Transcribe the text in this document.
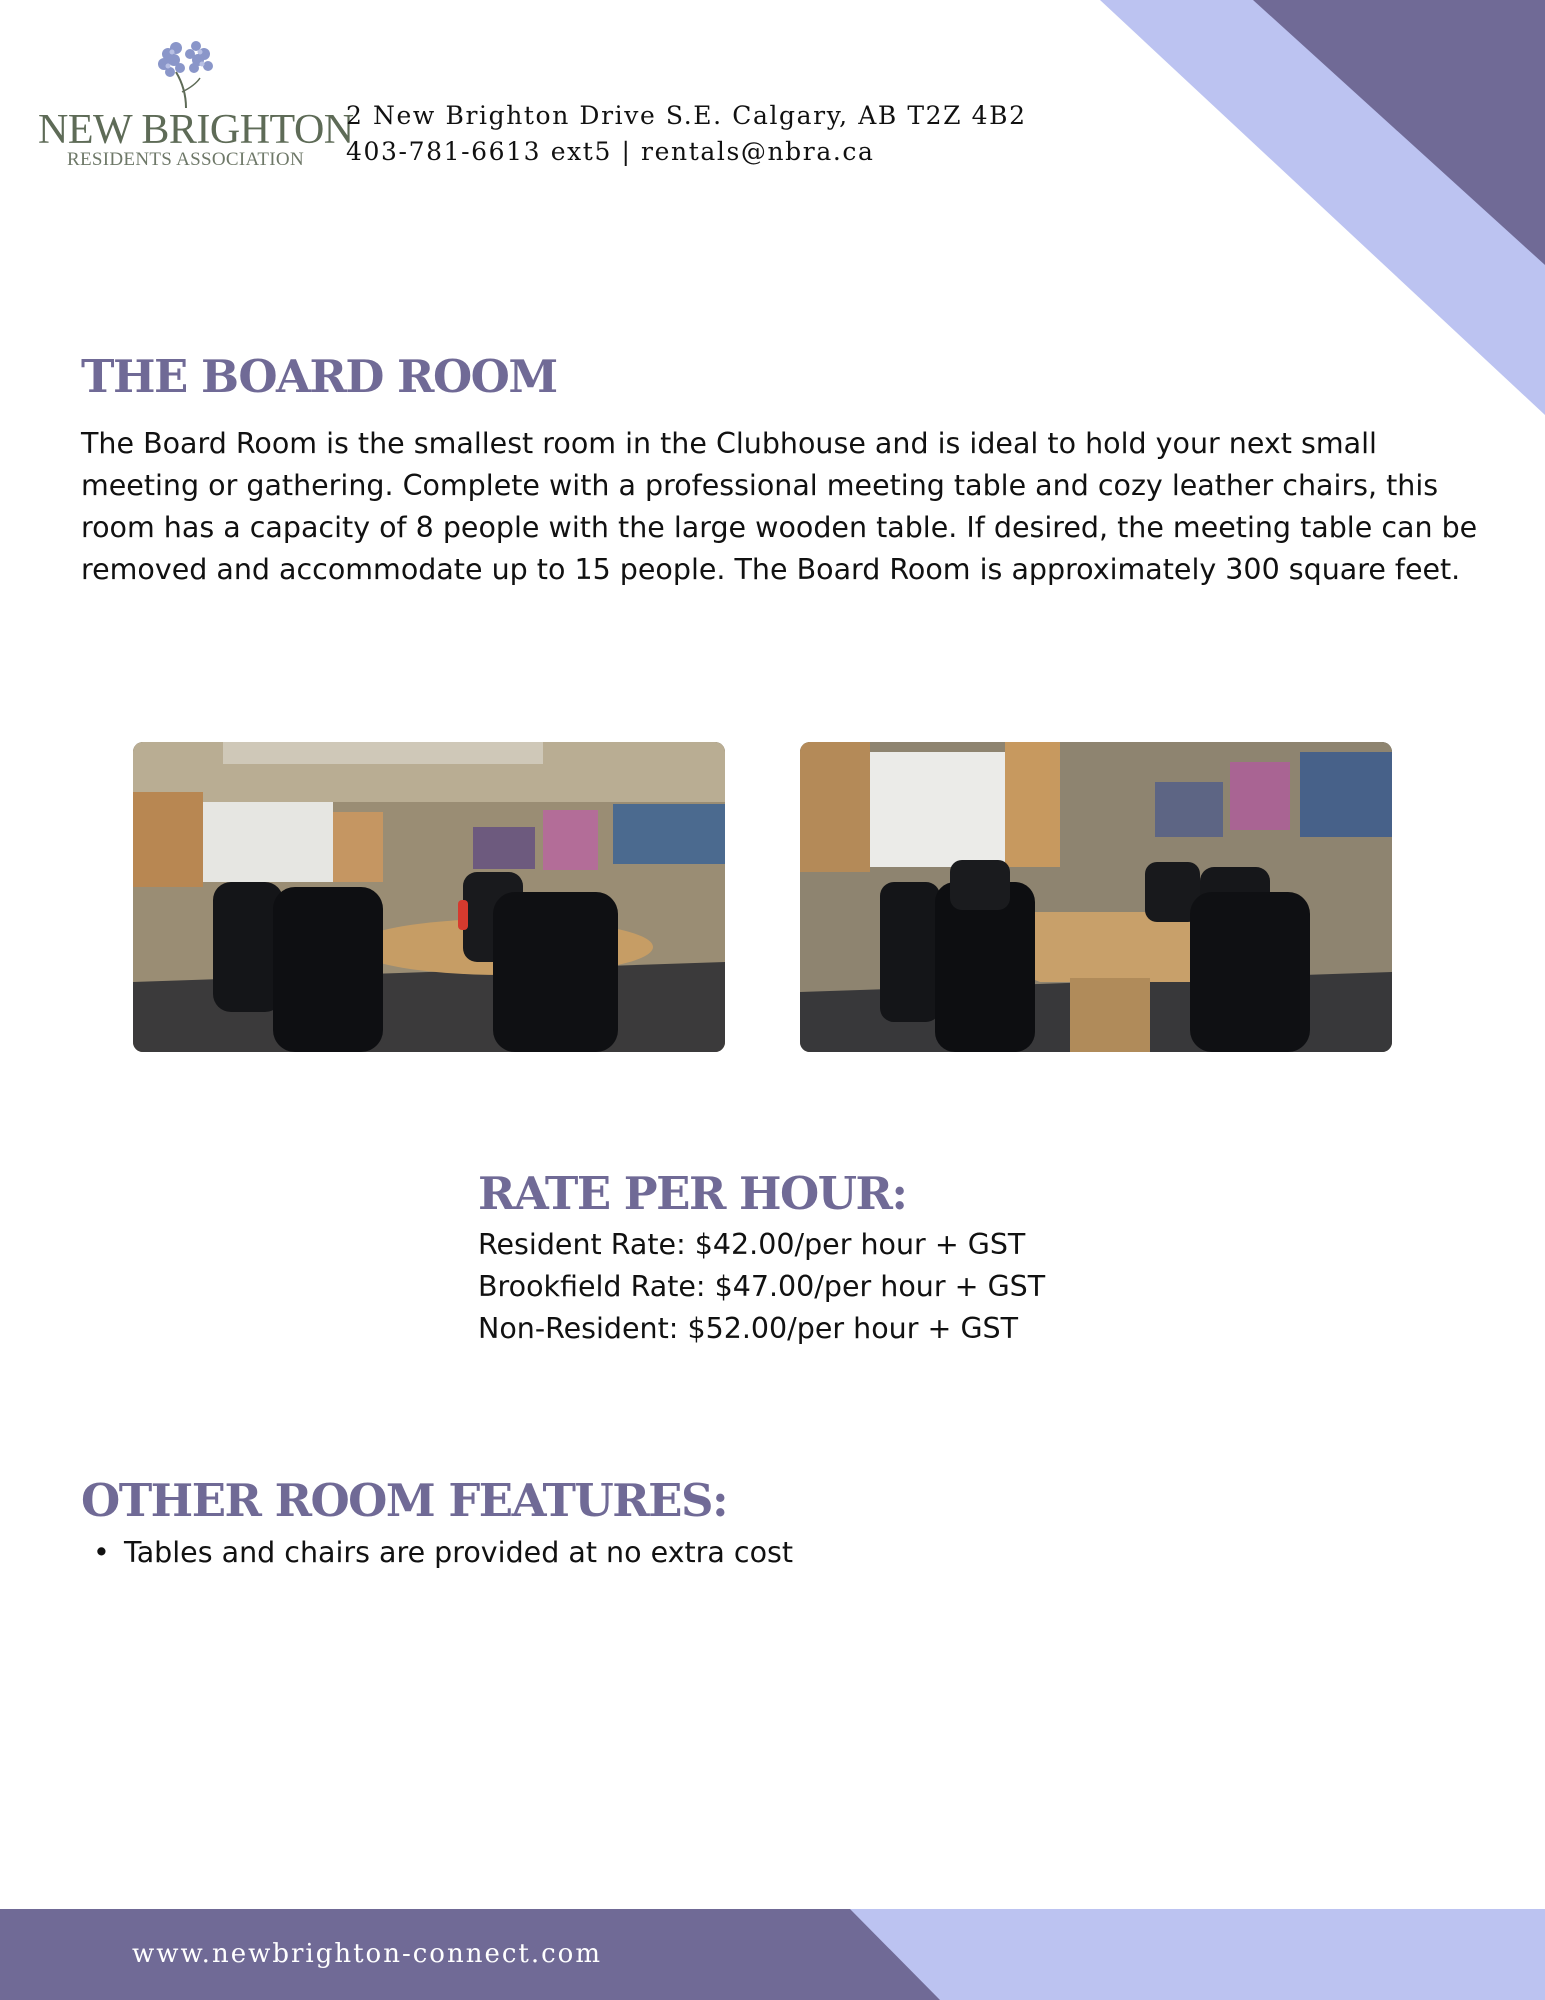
NEW BRIGHTON
RESIDENTS ASSOCIATION
2 New Brighton Drive S.E. Calgary, AB T2Z 4B2
403-781-6613 ext5 | rentals@nbra.ca
THE BOARD ROOM

The Board Room is the smallest room in the Clubhouse and is ideal to hold your next small meeting or gathering. Complete with a professional meeting table and cozy leather chairs, this room has a capacity of 8 people with the large wooden table. If desired, the meeting table can be removed and accommodate up to 15 people. The Board Room is approximately 300 square feet.

RATE PER HOUR:
Resident Rate: $42.00/per hour + GST
Brookfield Rate: $47.00/per hour + GST
Non-Resident: $52.00/per hour + GST
OTHER ROOM FEATURES:
• Tables and chairs are provided at no extra cost
www.newbrighton-connect.com
